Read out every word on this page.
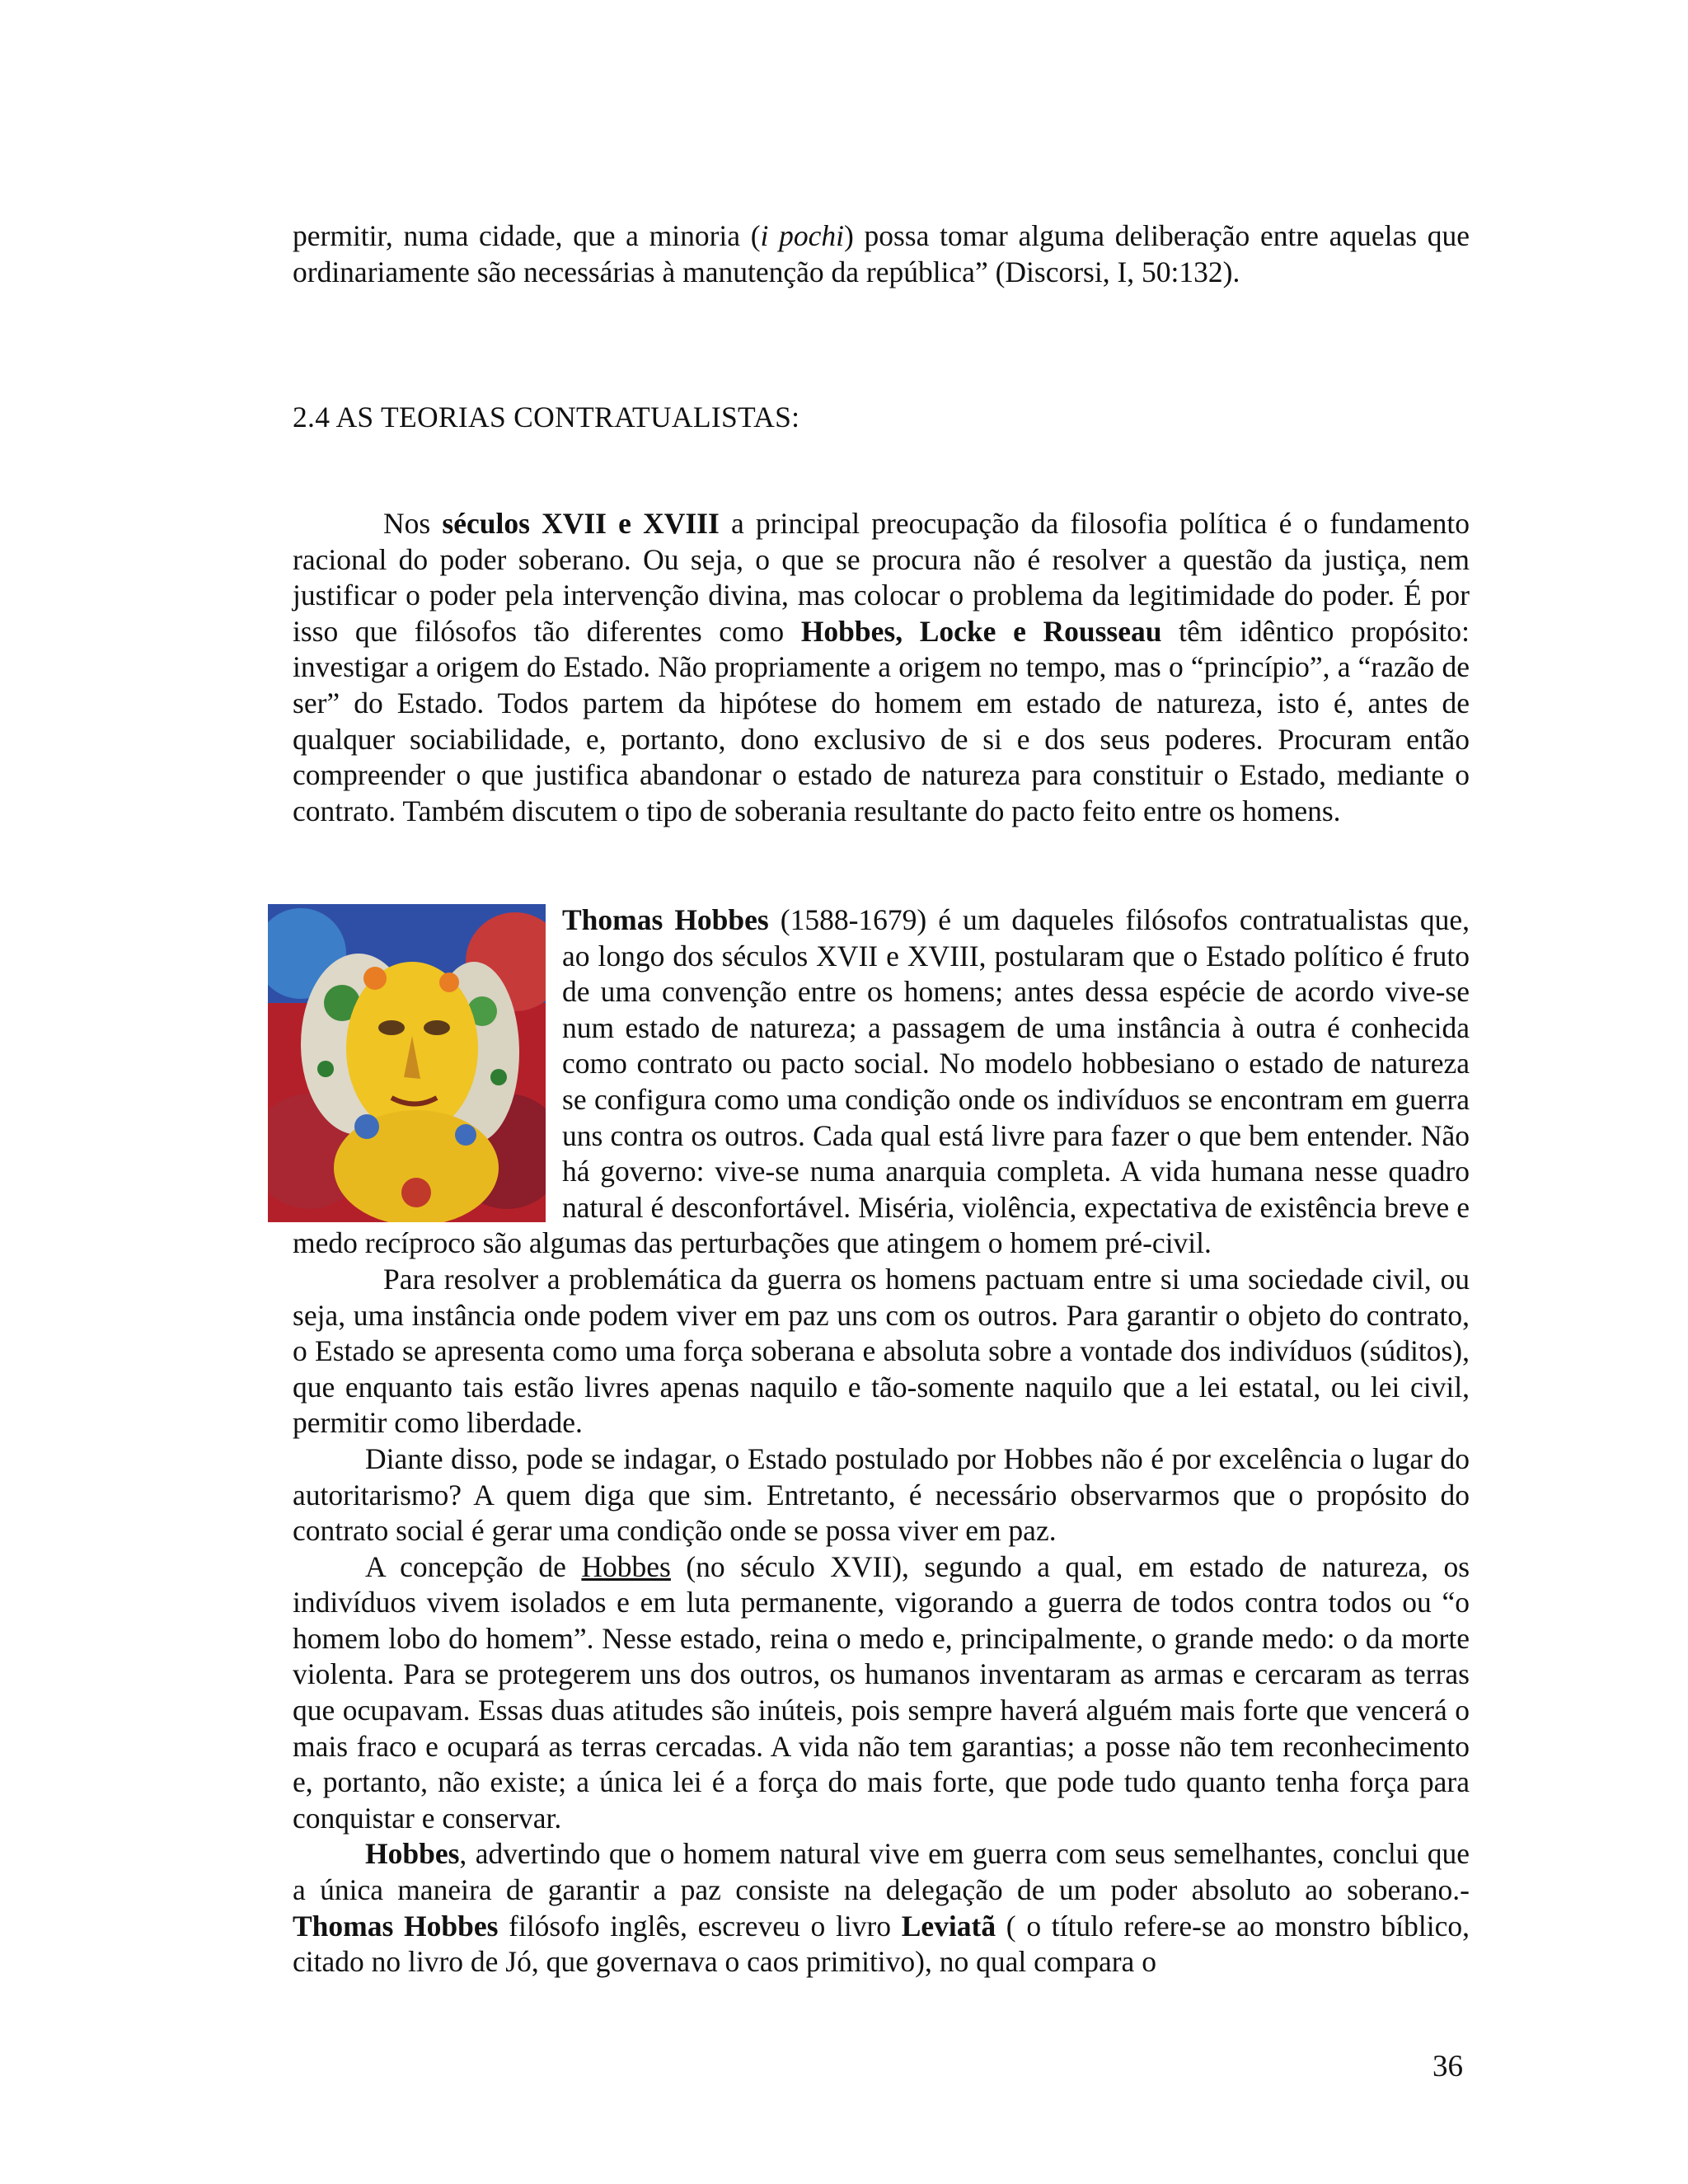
permitir, numa cidade, que a minoria (i pochi) possa tomar alguma deliberação entre aquelas que ordinariamente são necessárias à manutenção da república” (Discorsi, I, 50:132).

2.4 AS TEORIAS CONTRATUALISTAS:

Nos séculos XVII e XVIII a principal preocupação da filosofia política é o fundamento racional do poder soberano. Ou seja, o que se procura não é resolver a questão da justiça, nem justificar o poder pela intervenção divina, mas colocar o problema da legitimidade do poder. É por isso que filósofos tão diferentes como Hobbes, Locke e Rousseau têm idêntico propósito: investigar a origem do Estado. Não propriamente a origem no tempo, mas o “princípio”, a “razão de ser” do Estado. Todos partem da hipótese do homem em estado de natureza, isto é, antes de qualquer sociabilidade, e, portanto, dono exclusivo de si e dos seus poderes. Procuram então compreender o que justifica abandonar o estado de natureza para constituir o Estado, mediante o contrato. Também discutem o tipo de soberania resultante do pacto feito entre os homens.

Thomas Hobbes (1588-1679) é um daqueles filósofos contratualistas que, ao longo dos séculos XVII e XVIII, postularam que o Estado político é fruto de uma convenção entre os homens; antes dessa espécie de acordo vive-se num estado de natureza; a passagem de uma instância à outra é conhecida como contrato ou pacto social. No modelo hobbesiano o estado de natureza se configura como uma condição onde os indivíduos se encontram em guerra uns contra os outros. Cada qual está livre para fazer o que bem entender. Não há governo: vive-se numa anarquia completa. A vida humana nesse quadro natural é desconfortável. Miséria, violência, expectativa de existência breve e medo recíproco são algumas das perturbações que atingem o homem pré-civil.

Para resolver a problemática da guerra os homens pactuam entre si uma sociedade civil, ou seja, uma instância onde podem viver em paz uns com os outros. Para garantir o objeto do contrato, o Estado se apresenta como uma força soberana e absoluta sobre a vontade dos indivíduos (súditos), que enquanto tais estão livres apenas naquilo e tão-somente naquilo que a lei estatal, ou lei civil, permitir como liberdade.

Diante disso, pode se indagar, o Estado postulado por Hobbes não é por excelência o lugar do autoritarismo? A quem diga que sim. Entretanto, é necessário observarmos que o propósito do contrato social é gerar uma condição onde se possa viver em paz.

A concepção de Hobbes (no século XVII), segundo a qual, em estado de natureza, os indivíduos vivem isolados e em luta permanente, vigorando a guerra de todos contra todos ou “o homem lobo do homem”. Nesse estado, reina o medo e, principalmente, o grande medo: o da morte violenta. Para se protegerem uns dos outros, os humanos inventaram as armas e cercaram as terras que ocupavam. Essas duas atitudes são inúteis, pois sempre haverá alguém mais forte que vencerá o mais fraco e ocupará as terras cercadas. A vida não tem garantias; a posse não tem reconhecimento e, portanto, não existe; a única lei é a força do mais forte, que pode tudo quanto tenha força para conquistar e conservar.

Hobbes, advertindo que o homem natural vive em guerra com seus semelhantes, conclui que a única maneira de garantir a paz consiste na delegação de um poder absoluto ao soberano.- Thomas Hobbes filósofo inglês, escreveu o livro Leviatã ( o título refere-se ao monstro bíblico, citado no livro de Jó, que governava o caos primitivo), no qual compara o

36
